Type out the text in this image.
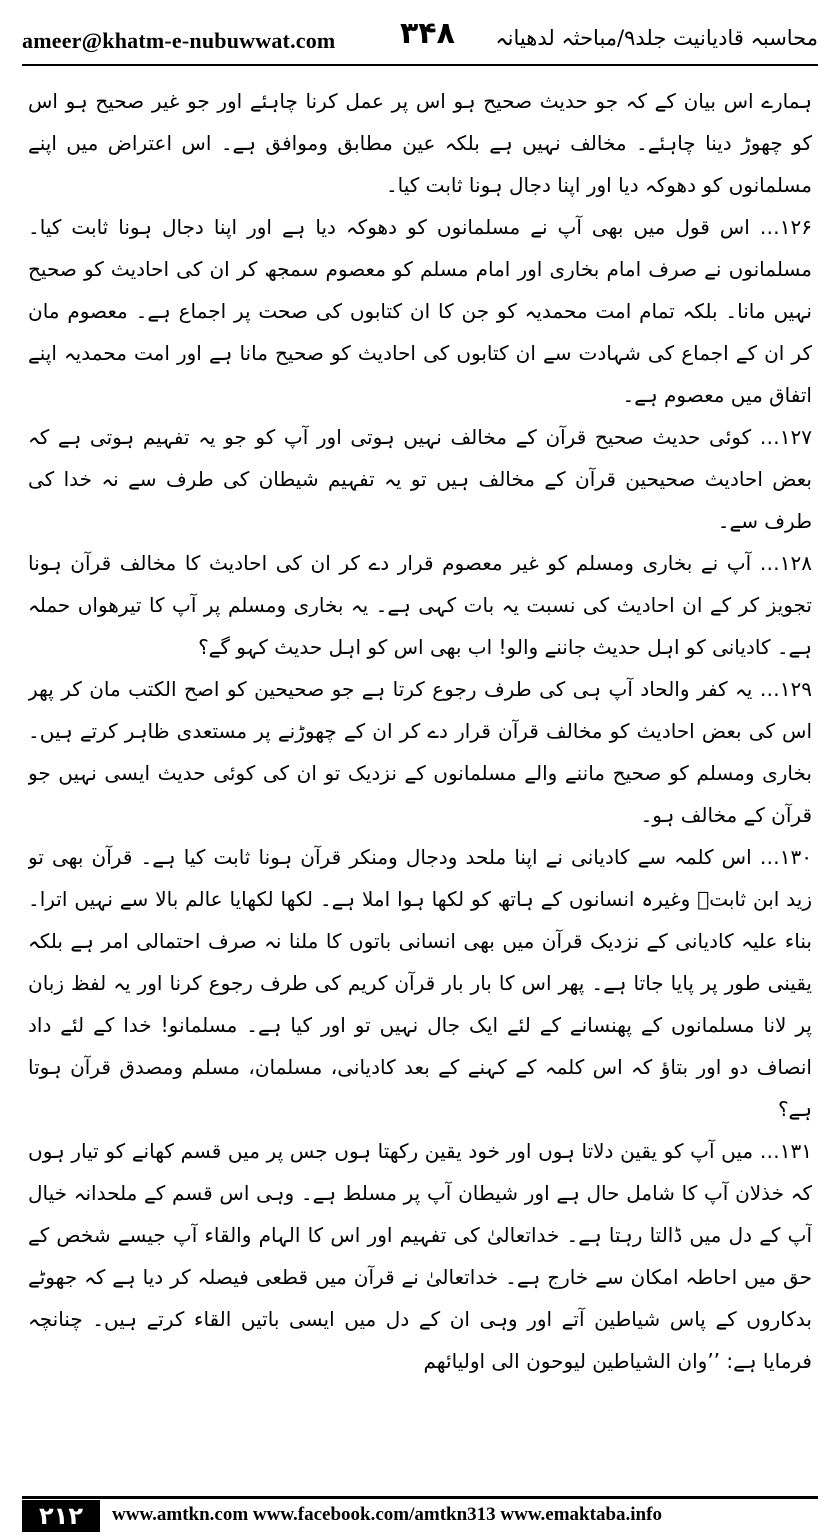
ameer@khatm-e-nubuwwat.com ۳۴۸ محاسبہ قادیانیت جلد۹/مباحثہ لدھیانہ

ہمارے اس بیان کے کہ جو حدیث صحیح ہو اس پر عمل کرنا چاہئے اور جو غیر صحیح ہو اس کو چھوڑ دینا چاہئے۔ مخالف نہیں ہے بلکہ عین مطابق وموافق ہے۔ اس اعتراض میں اپنے مسلمانوں کو دھوکہ دیا اور اپنا دجال ہونا ثابت کیا۔

۱۲۶… اس قول میں بھی آپ نے مسلمانوں کو دھوکہ دیا ہے اور اپنا دجال ہونا ثابت کیا۔ مسلمانوں نے صرف امام بخاری اور امام مسلم کو معصوم سمجھ کر ان کی احادیث کو صحیح نہیں مانا۔ بلکہ تمام امت محمدیہ کو جن کا ان کتابوں کی صحت پر اجماع ہے۔ معصوم مان کر ان کے اجماع کی شہادت سے ان کتابوں کی احادیث کو صحیح مانا ہے اور امت محمدیہ اپنے اتفاق میں معصوم ہے۔

۱۲۷… کوئی حدیث صحیح قرآن کے مخالف نہیں ہوتی اور آپ کو جو یہ تفہیم ہوتی ہے کہ بعض احادیث صحیحین قرآن کے مخالف ہیں تو یہ تفہیم شیطان کی طرف سے نہ خدا کی طرف سے۔

۱۲۸… آپ نے بخاری ومسلم کو غیر معصوم قرار دے کر ان کی احادیث کا مخالف قرآن ہونا تجویز کر کے ان احادیث کی نسبت یہ بات کہی ہے۔ یہ بخاری ومسلم پر آپ کا تیرھواں حملہ ہے۔ کادیانی کو اہل حدیث جاننے والو! اب بھی اس کو اہل حدیث کہو گے؟

۱۲۹… یہ کفر والحاد آپ ہی کی طرف رجوع کرتا ہے جو صحیحین کو اصح الکتب مان کر پھر اس کی بعض احادیث کو مخالف قرآن قرار دے کر ان کے چھوڑنے پر مستعدی ظاہر کرتے ہیں۔ بخاری ومسلم کو صحیح ماننے والے مسلمانوں کے نزدیک تو ان کی کوئی حدیث ایسی نہیں جو قرآن کے مخالف ہو۔

۱۳۰… اس کلمہ سے کادیانی نے اپنا ملحد ودجال ومنکر قرآن ہونا ثابت کیا ہے۔ قرآن بھی تو زید ابن ثابتؓ وغیرہ انسانوں کے ہاتھ کو لکھا ہوا املا ہے۔ لکھا لکھایا عالم بالا سے نہیں اترا۔ بناء علیہ کادیانی کے نزدیک قرآن میں بھی انسانی باتوں کا ملنا نہ صرف احتمالی امر ہے بلکہ یقینی طور پر پایا جاتا ہے۔ پھر اس کا بار بار قرآن کریم کی طرف رجوع کرنا اور یہ لفظ زبان پر لانا مسلمانوں کے پھنسانے کے لئے ایک جال نہیں تو اور کیا ہے۔ مسلمانو! خدا کے لئے داد انصاف دو اور بتاؤ کہ اس کلمہ کے کہنے کے بعد کادیانی، مسلمان، مسلم ومصدق قرآن ہوتا ہے؟

۱۳۱… میں آپ کو یقین دلاتا ہوں اور خود یقین رکھتا ہوں جس پر میں قسم کھانے کو تیار ہوں کہ خذلان آپ کا شامل حال ہے اور شیطان آپ پر مسلط ہے۔ وہی اس قسم کے ملحدانہ خیال آپ کے دل میں ڈالتا رہتا ہے۔ خداتعالیٰ کی تفہیم اور اس کا الہام والقاء آپ جیسے شخص کے حق میں احاطہ امکان سے خارج ہے۔ خداتعالیٰ نے قرآن میں قطعی فیصلہ کر دیا ہے کہ جھوٹے بدکاروں کے پاس شیاطین آتے اور وہی ان کے دل میں ایسی باتیں القاء کرتے ہیں۔ چنانچہ فرمایا ہے: ’’وان الشیاطین لیوحون الی اولیائهم

۲۱۲	www.amtkn.com www.facebook.com/amtkn313 www.emaktaba.info
